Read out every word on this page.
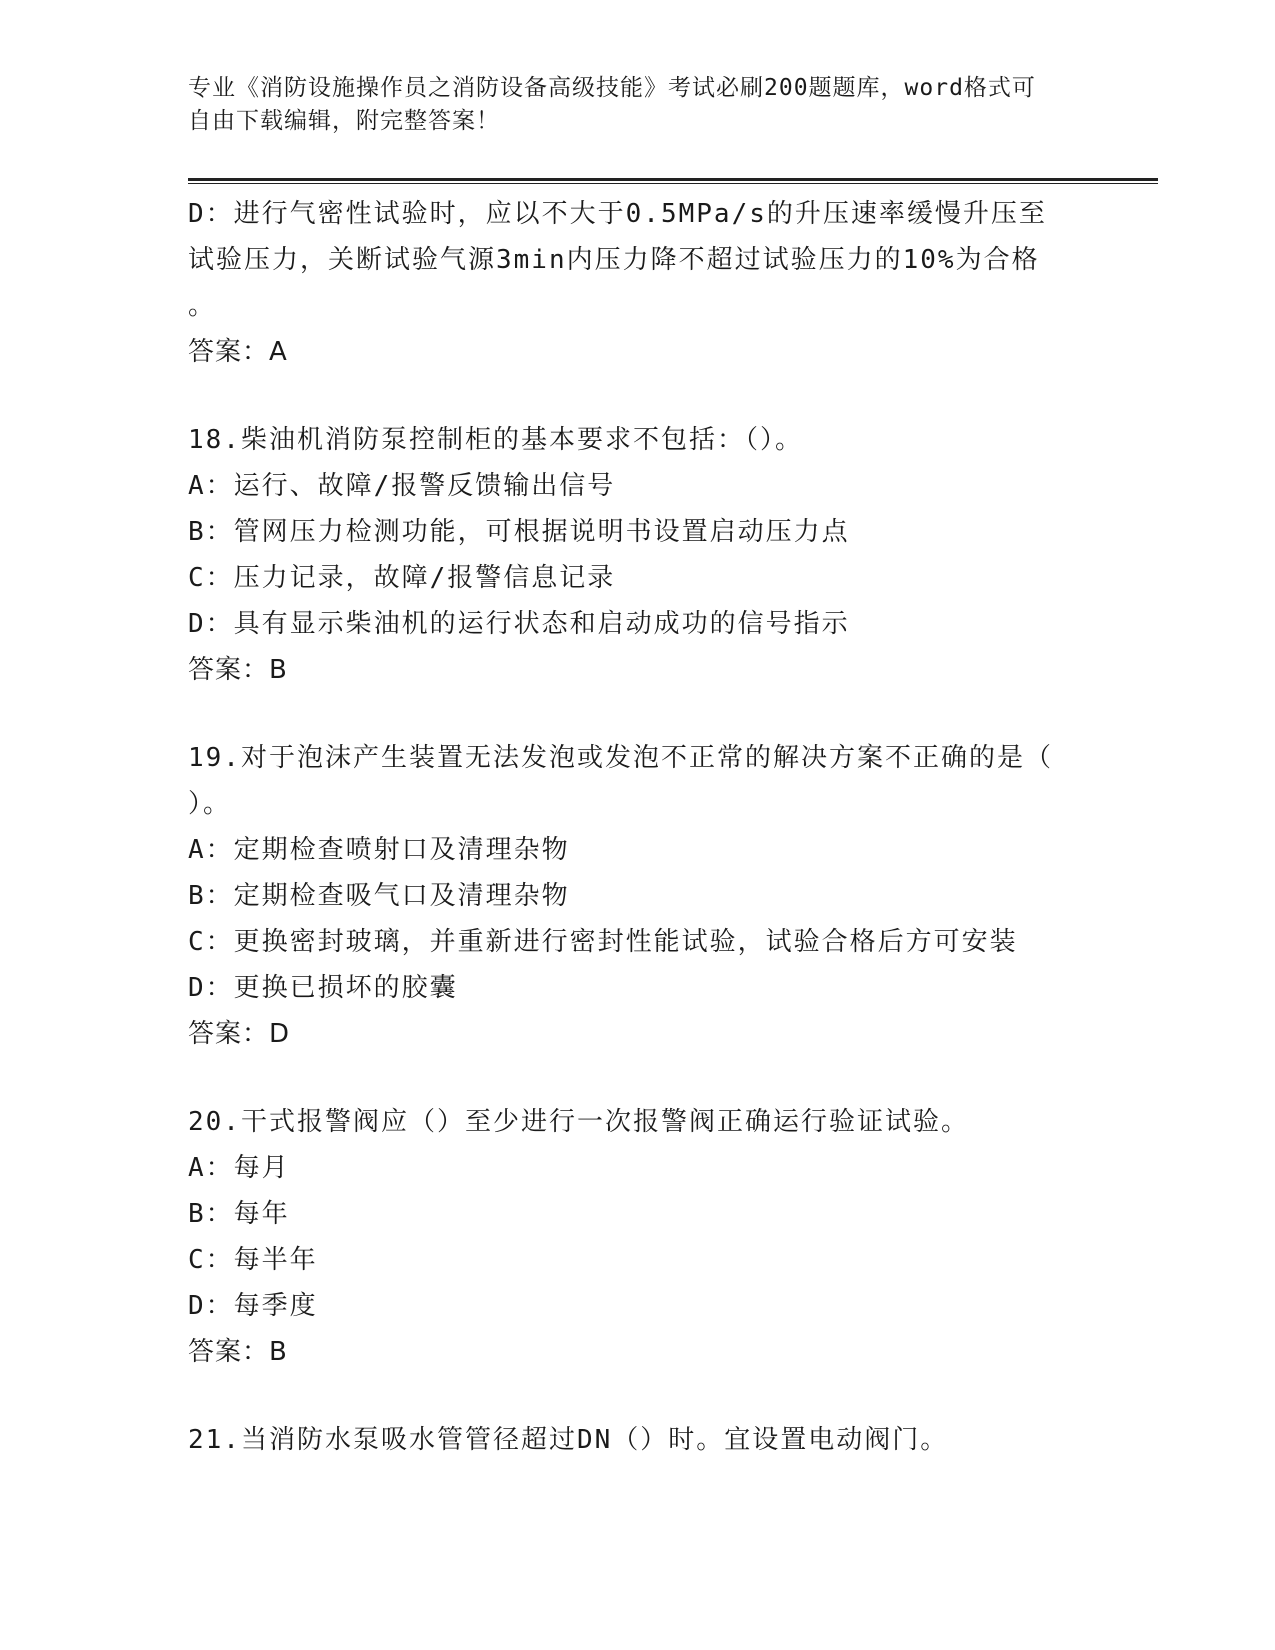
专业《消防设施操作员之消防设备高级技能》考试必刷200题题库，word格式可
自由下载编辑，附完整答案！
D：进行气密性试验时，应以不大于0.5MPa/s的升压速率缓慢升压至
试验压力，关断试验气源3min内压力降不超过试验压力的10%为合格
。
答案：A
18.柴油机消防泵控制柜的基本要求不包括：（）。
A：运行、故障/报警反馈输出信号
B：管网压力检测功能，可根据说明书设置启动压力点
C：压力记录，故障/报警信息记录
D：具有显示柴油机的运行状态和启动成功的信号指示
答案：B
19.对于泡沫产生装置无法发泡或发泡不正常的解决方案不正确的是（
）。
A：定期检查喷射口及清理杂物
B：定期检查吸气口及清理杂物
C：更换密封玻璃，并重新进行密封性能试验，试验合格后方可安装
D：更换已损坏的胶囊
答案：D
20.干式报警阀应（）至少进行一次报警阀正确运行验证试验。
A：每月
B：每年
C：每半年
D：每季度
答案：B
21.当消防水泵吸水管管径超过DN（）时。宜设置电动阀门。
